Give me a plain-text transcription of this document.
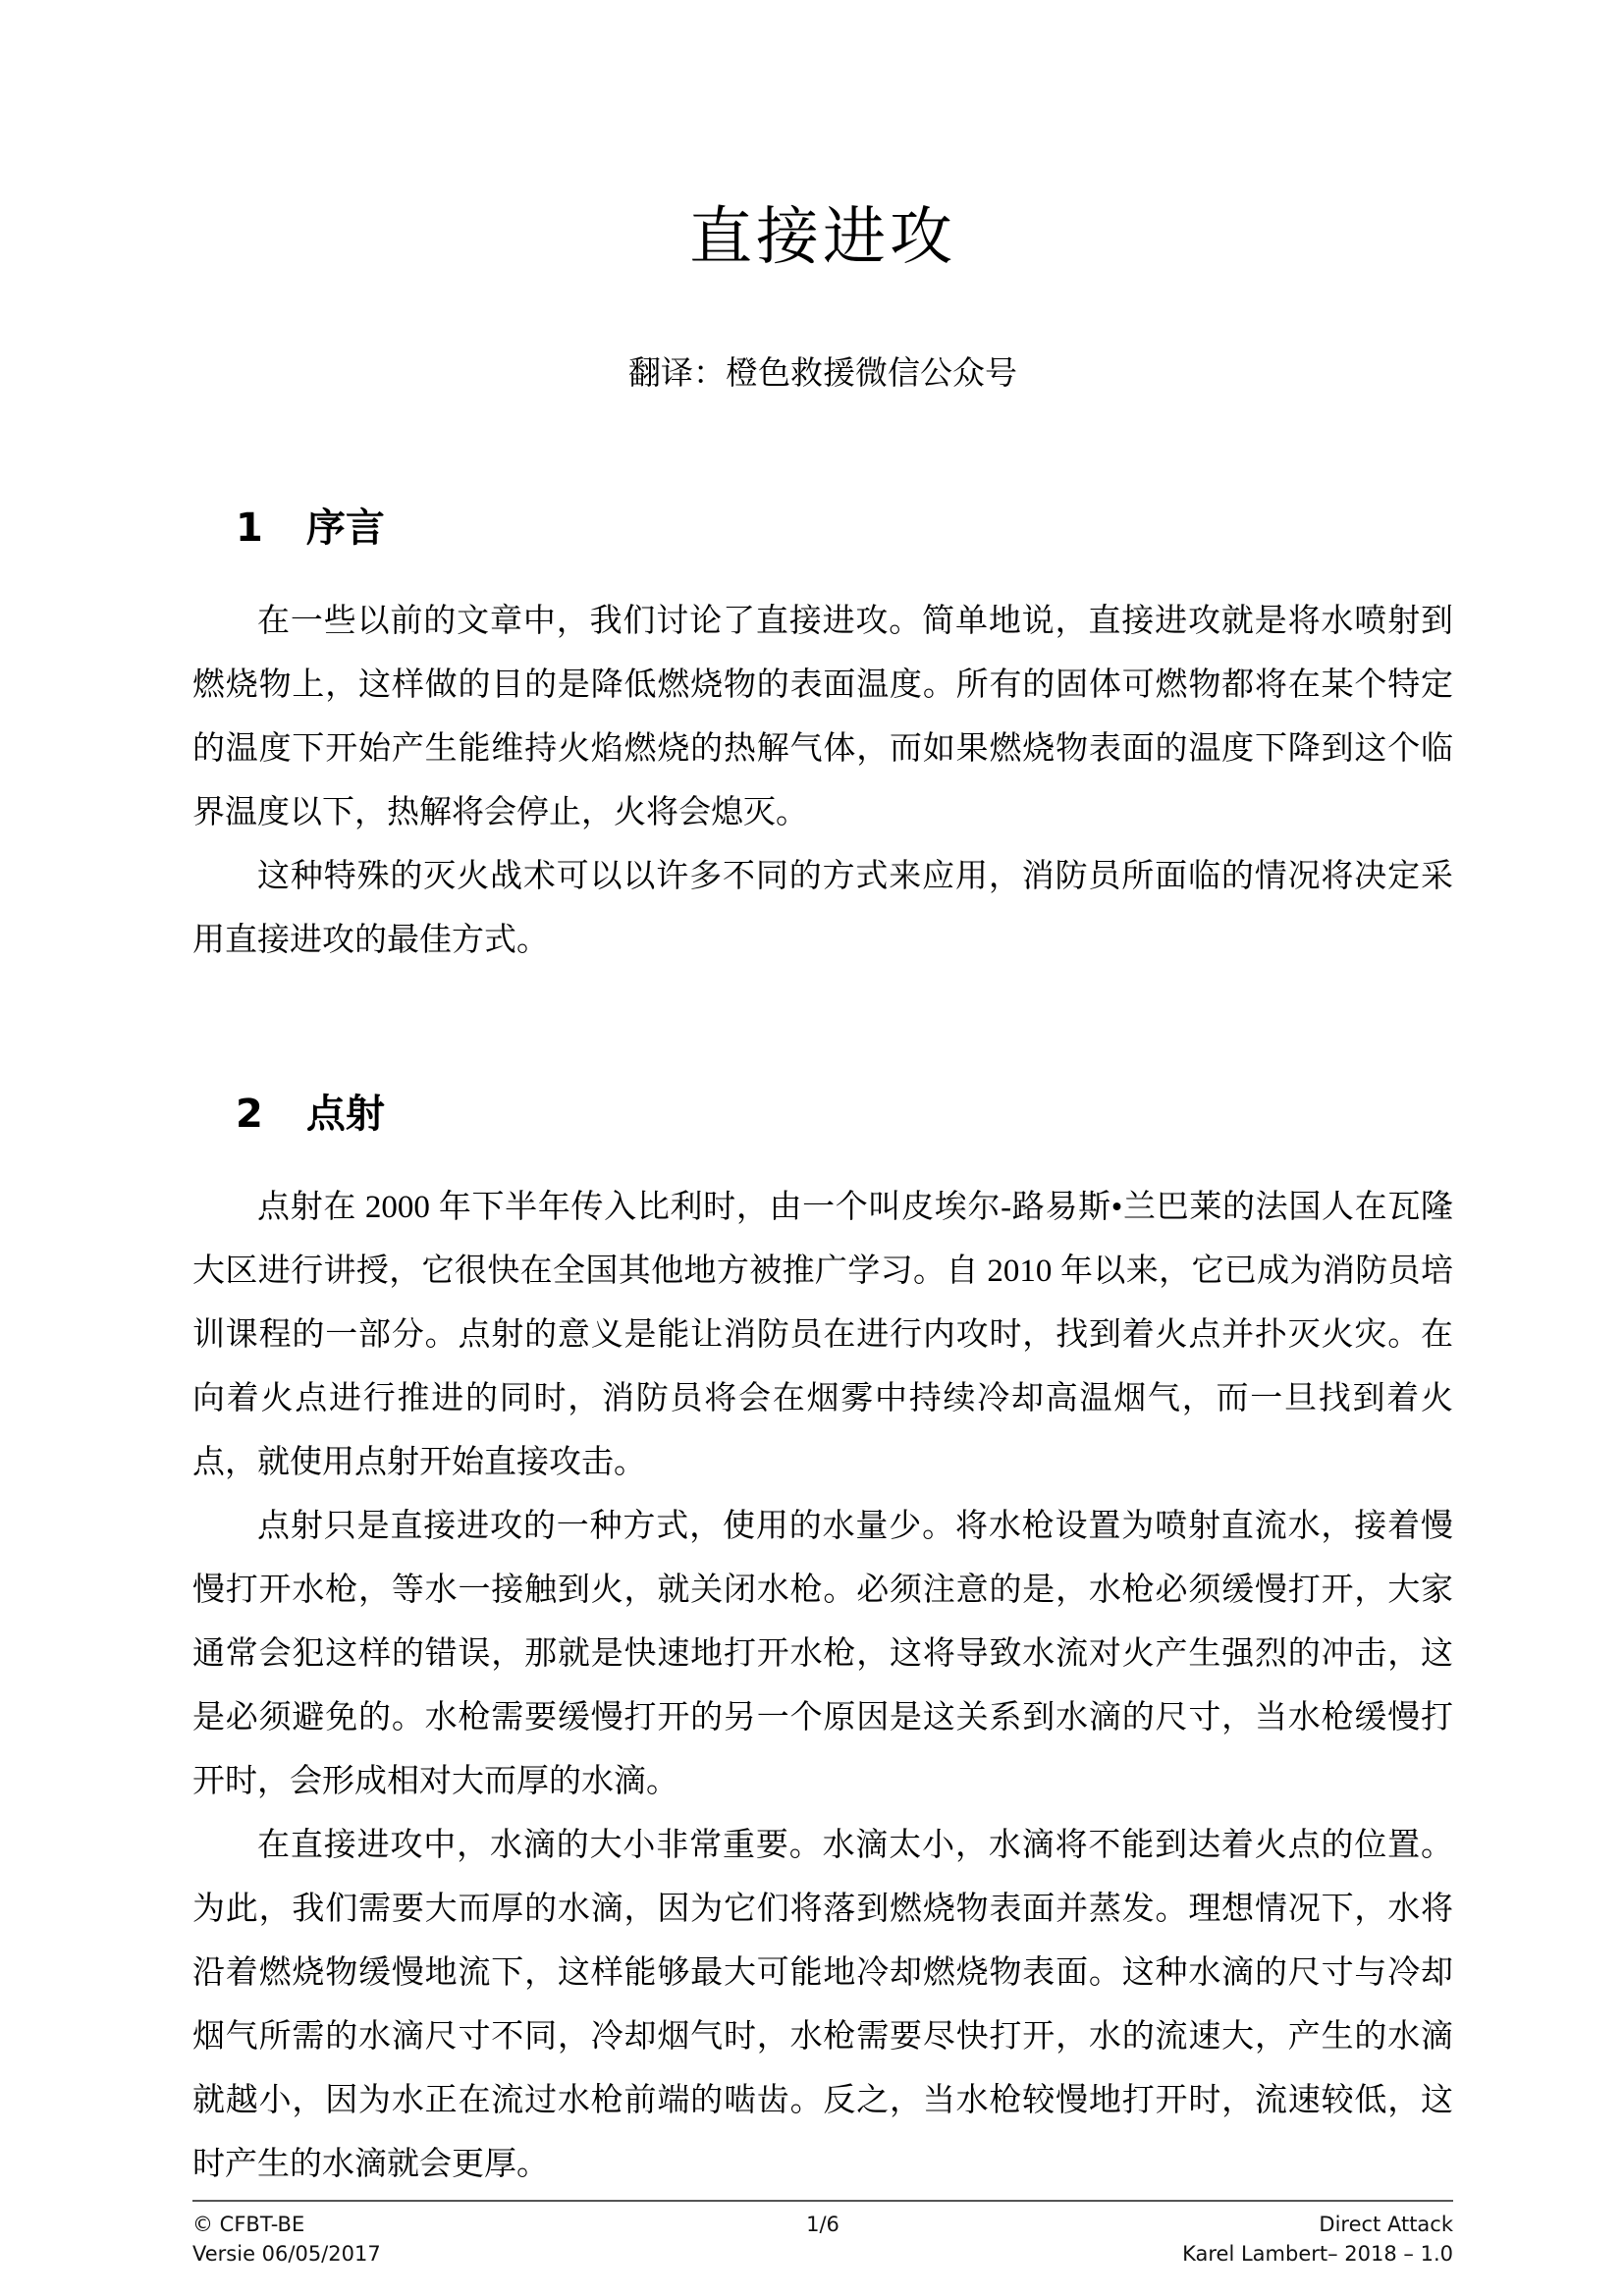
直接进攻
翻译：橙色救援微信公众号
1 序言

在一些以前的文章中，我们讨论了直接进攻。简单地说，直接进攻就是将水喷射到燃烧物上，这样做的目的是降低燃烧物的表面温度。所有的固体可燃物都将在某个特定的温度下开始产生能维持火焰燃烧的热解气体，而如果燃烧物表面的温度下降到这个临界温度以下，热解将会停止，火将会熄灭。

这种特殊的灭火战术可以以许多不同的方式来应用，消防员所面临的情况将决定采用直接进攻的最佳方式。

2 点射

点射在 2000 年下半年传入比利时，由一个叫皮埃尔-路易斯•兰巴莱的法国人在瓦隆大区进行讲授，它很快在全国其他地方被推广学习。自 2010 年以来，它已成为消防员培训课程的一部分。点射的意义是能让消防员在进行内攻时，找到着火点并扑灭火灾。在向着火点进行推进的同时，消防员将会在烟雾中持续冷却高温烟气，而一旦找到着火点，就使用点射开始直接攻击。

点射只是直接进攻的一种方式，使用的水量少。将水枪设置为喷射直流水，接着慢慢打开水枪，等水一接触到火，就关闭水枪。必须注意的是，水枪必须缓慢打开，大家通常会犯这样的错误，那就是快速地打开水枪，这将导致水流对火产生强烈的冲击，这是必须避免的。水枪需要缓慢打开的另一个原因是这关系到水滴的尺寸，当水枪缓慢打开时，会形成相对大而厚的水滴。

在直接进攻中，水滴的大小非常重要。水滴太小，水滴将不能到达着火点的位置。为此，我们需要大而厚的水滴，因为它们将落到燃烧物表面并蒸发。理想情况下，水将沿着燃烧物缓慢地流下，这样能够最大可能地冷却燃烧物表面。这种水滴的尺寸与冷却烟气所需的水滴尺寸不同，冷却烟气时，水枪需要尽快打开，水的流速大，产生的水滴就越小，因为水正在流过水枪前端的啮齿。反之，当水枪较慢地打开时，流速较低，这时产生的水滴就会更厚。

© CFBT-BE
Versie 06/05/2017
1/6	Direct Attack
Karel Lambert– 2018 – 1.0
